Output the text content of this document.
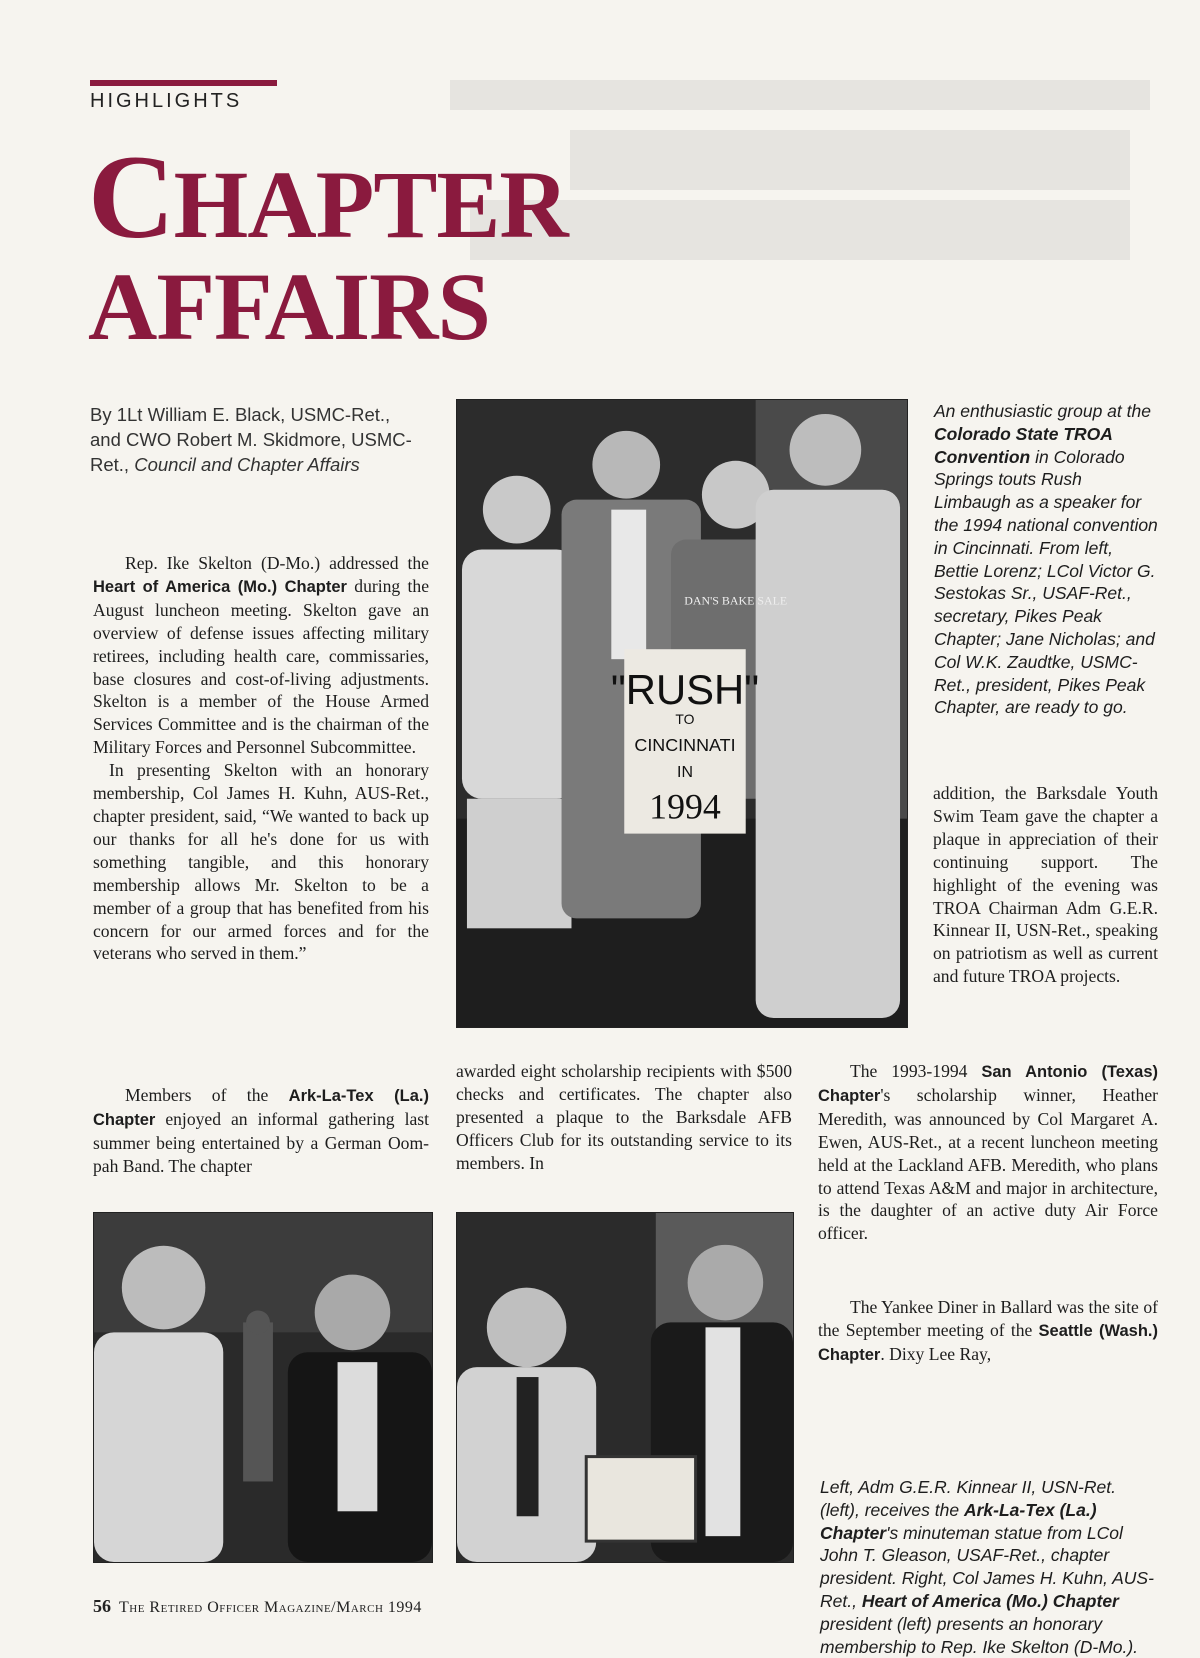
HIGHLIGHTS
CHAPTER
AFFAIRS
By 1Lt William E. Black, USMC-Ret., and CWO Robert M. Skidmore, USMC-Ret., Council and Chapter Affairs
"RUSH"
TO
CINCINNATI
IN
1994
DAN'S BAKE SALE
An enthusiastic group at the Colorado State TROA Convention in Colorado Springs touts Rush Limbaugh as a speaker for the 1994 national convention in Cincinnati. From left, Bettie Lorenz; LCol Victor G. Sestokas Sr., USAF-Ret., secretary, Pikes Peak Chapter; Jane Nicholas; and Col W.K. Zaudtke, USMC-Ret., president, Pikes Peak Chapter, are ready to go.

Rep. Ike Skelton (D-Mo.) addressed the Heart of America (Mo.) Chapter during the August luncheon meeting. Skelton gave an overview of defense issues affecting military retirees, including health care, commissaries, base closures and cost-of-living adjustments. Skelton is a member of the House Armed Services Committee and is the chairman of the Military Forces and Personnel Subcommittee.

In presenting Skelton with an honorary membership, Col James H. Kuhn, AUS-Ret., chapter president, said, “We wanted to back up our thanks for all he's done for us with something tangible, and this honorary membership allows Mr. Skelton to be a member of a group that has benefited from his concern for our armed forces and for the veterans who served in them.”

Members of the Ark-La-Tex (La.) Chapter enjoyed an informal gathering last summer being entertained by a German Oom-pah Band. The chapter

awarded eight scholarship recipients with $500 checks and certificates. The chapter also presented a plaque to the Barksdale AFB Officers Club for its outstanding service to its members. In

addition, the Barksdale Youth Swim Team gave the chapter a plaque in appreciation of their continuing support. The highlight of the evening was TROA Chairman Adm G.E.R. Kinnear II, USN-Ret., speaking on patriotism as well as current and future TROA projects.

The 1993-1994 San Antonio (Texas) Chapter's scholarship winner, Heather Meredith, was announced by Col Margaret A. Ewen, AUS-Ret., at a recent luncheon meeting held at the Lackland AFB. Meredith, who plans to attend Texas A&M and major in architecture, is the daughter of an active duty Air Force officer.

The Yankee Diner in Ballard was the site of the September meeting of the Seattle (Wash.) Chapter. Dixy Lee Ray,

Left, Adm G.E.R. Kinnear II, USN-Ret. (left), receives the Ark-La-Tex (La.) Chapter's minuteman statue from LCol John T. Gleason, USAF-Ret., chapter president. Right, Col James H. Kuhn, AUS-Ret., Heart of America (Mo.) Chapter president (left) presents an honorary membership to Rep. Ike Skelton (D-Mo.).
56 The Retired Officer Magazine/March 1994
